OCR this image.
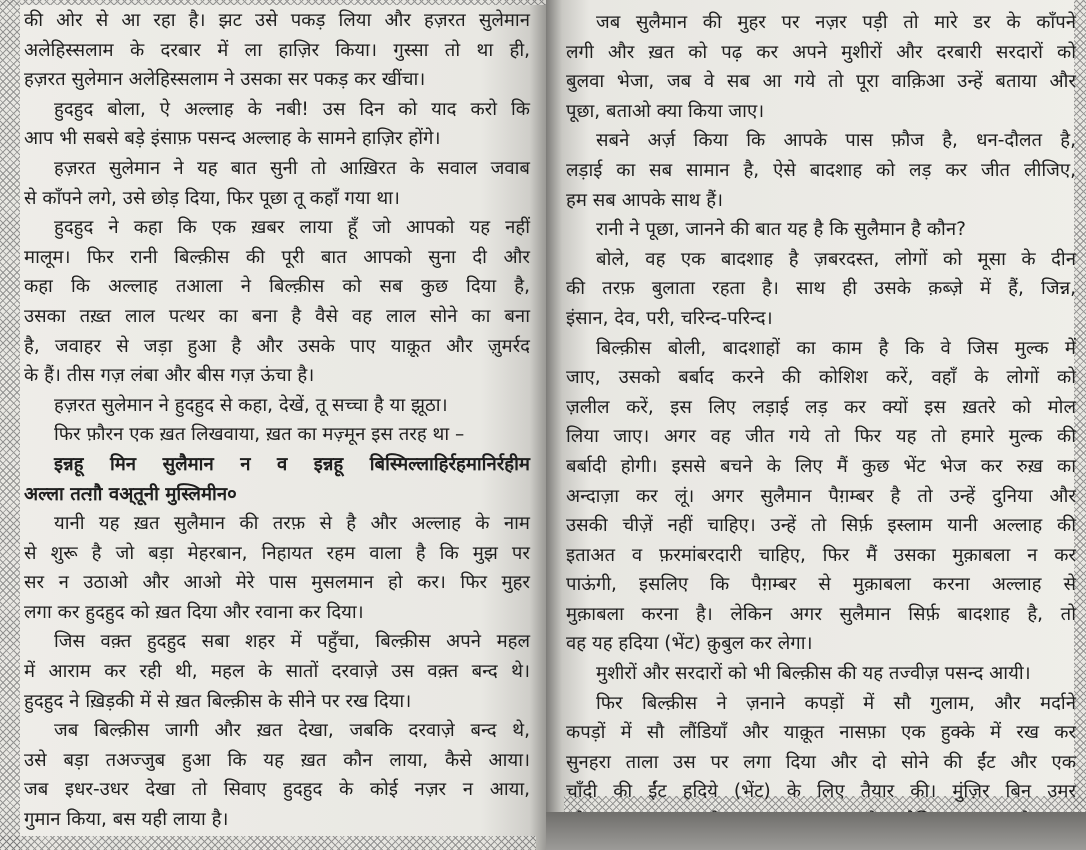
की ओर से आ रहा है। झट उसे पकड़ लिया और हज़रत सुलेमान
अलेहिस्सलाम के दरबार में ला हाज़िर किया। गुस्सा तो था ही,
हज़रत सुलेमान अलेहिस्सलाम ने उसका सर पकड़ कर खींचा।
हुदहुद बोला, ऐ अल्लाह के नबी! उस दिन को याद करो कि
आप भी सबसे बड़े इंसाफ़ पसन्द अल्लाह के सामने हाज़िर होंगे।
हज़रत सुलेमान ने यह बात सुनी तो आख़िरत के सवाल जवाब
से काँपने लगे, उसे छोड़ दिया, फिर पूछा तू कहाँ गया था।
हुदहुद ने कहा कि एक ख़बर लाया हूँ जो आपको यह नहीं
मालूम। फिर रानी बिल्क़ीस की पूरी बात आपको सुना दी और
कहा कि अल्लाह तआला ने बिल्क़ीस को सब कुछ दिया है,
उसका तख़्त लाल पत्थर का बना है वैसे वह लाल सोने का बना
है, जवाहर से जड़ा हुआ है और उसके पाए याक़ूत और ज़ुमर्रद
के हैं। तीस गज़ लंबा और बीस गज़ ऊंचा है।
हज़रत सुलेमान ने हुदहुद से कहा, देखें, तू सच्चा है या झूठा।
फिर फ़ौरन एक ख़त लिखवाया, ख़त का मज़्मून इस तरह था –
इन्नहू मिन सुलैमान न व इन्नहू बिस्मिल्लाहिर्रहमानिर्रहीम
अल्ला तत्ग़ौ वअ्तूनी मुस्लिमीन०
यानी यह ख़त सुलैमान की तरफ़ से है और अल्लाह के नाम
से शुरू है जो बड़ा मेहरबान, निहायत रहम वाला है कि मुझ पर
सर न उठाओ और आओ मेरे पास मुसलमान हो कर। फिर मुहर
लगा कर हुदहुद को ख़त दिया और रवाना कर दिया।
जिस वक़्त हुदहुद सबा शहर में पहुँचा, बिल्क़ीस अपने महल
में आराम कर रही थी, महल के सातों दरवाज़े उस वक़्त बन्द थे।
हुदहुद ने ख़िड़की में से ख़त बिल्क़ीस के सीने पर रख दिया।
जब बिल्क़ीस जागी और ख़त देखा, जबकि दरवाज़े बन्द थे,
उसे बड़ा तअज्जुब हुआ कि यह ख़त कौन लाया, कैसे आया।
जब इधर-उधर देखा तो सिवाए हुदहुद के कोई नज़र न आया,
गुमान किया, बस यही लाया है।
जब सुलैमान की मुहर पर नज़र पड़ी तो मारे डर के काँपने
लगी और ख़त को पढ़ कर अपने मुशीरों और दरबारी सरदारों को
बुलवा भेजा, जब वे सब आ गये तो पूरा वाक़िआ उन्हें बताया और
पूछा, बताओ क्या किया जाए।
सबने अर्ज़ किया कि आपके पास फ़ौज है, धन-दौलत है,
लड़ाई का सब सामान है, ऐसे बादशाह को लड़ कर जीत लीजिए,
हम सब आपके साथ हैं।
रानी ने पूछा, जानने की बात यह है कि सुलैमान है कौन?
बोले, वह एक बादशाह है ज़बरदस्त, लोगों को मूसा के दीन
की तरफ़ बुलाता रहता है। साथ ही उसके क़ब्ज़े में हैं, जिन्न,
इंसान, देव, परी, चरिन्द-परिन्द।
बिल्क़ीस बोली, बादशाहों का काम है कि वे जिस मुल्क में
जाए, उसको बर्बाद करने की कोशिश करें, वहाँ के लोगों को
ज़लील करें, इस लिए लड़ाई लड़ कर क्यों इस ख़तरे को मोल
लिया जाए। अगर वह जीत गये तो फिर यह तो हमारे मुल्क की
बर्बादी होगी। इससे बचने के लिए मैं कुछ भेंट भेज कर रुख़ का
अन्दाज़ा कर लूं। अगर सुलैमान पैग़म्बर है तो उन्हें दुनिया और
उसकी चीज़ें नहीं चाहिए। उन्हें तो सिर्फ़ इस्लाम यानी अल्लाह की
इताअत व फ़रमांबरदारी चाहिए, फिर मैं उसका मुक़ाबला न कर
पाऊंगी, इसलिए कि पैग़म्बर से मुक़ाबला करना अल्लाह से
मुक़ाबला करना है। लेकिन अगर सुलैमान सिर्फ़ बादशाह है, तो
वह यह हदिया (भेंट) क़ुबुल कर लेगा।
मुशीरों और सरदारों को भी बिल्क़ीस की यह तज्वीज़ पसन्द आयी।
फिर बिल्क़ीस ने ज़नाने कपड़ों में सौ गुलाम, और मर्दाने
कपड़ों में सौ लौंडियाँ और याक़ूत नासफ़ा एक हुक्के में रख कर
सुनहरा ताला उस पर लगा दिया और दो सोने की ईंट और एक
चाँदी की ईंट हदिये (भेंट) के लिए तैयार की। मुंज़िर बिन उमर
